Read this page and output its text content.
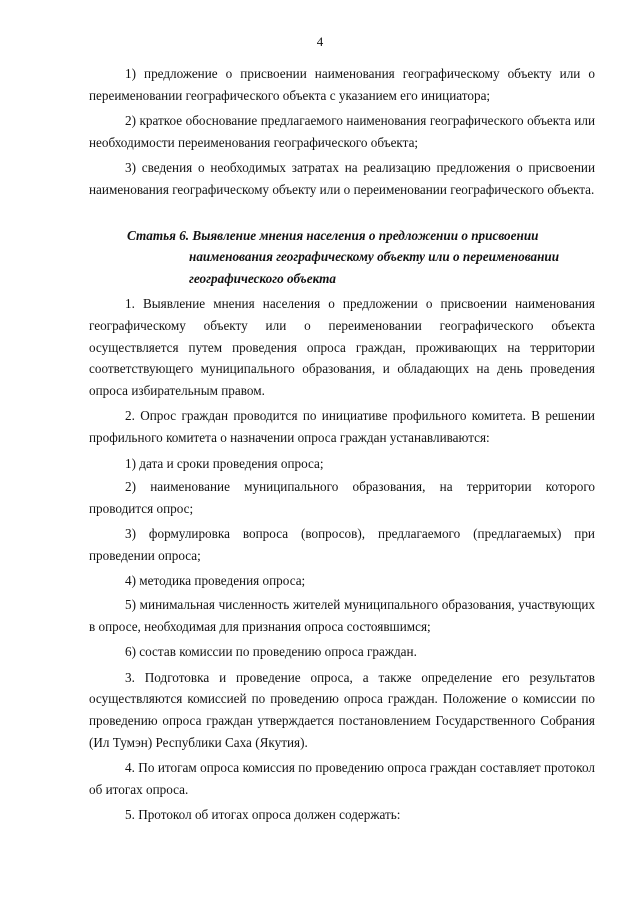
4

1) предложение о присвоении наименования географическому объекту или о переименовании географического объекта с указанием его инициатора;

2) краткое обоснование предлагаемого наименования географического объекта или необходимости переименования географического объекта;

3) сведения о необходимых затратах на реализацию предложения о присвоении наименования географическому объекту или о переименовании географического объекта.

Статья 6. Выявление мнения населения о предложении о присвоении наименования географическому объекту или о переименовании географического объекта

1. Выявление мнения населения о предложении о присвоении наименования географическому объекту или о переименовании географического объекта осуществляется путем проведения опроса граждан, проживающих на территории соответствующего муниципального образования, и обладающих на день проведения опроса избирательным правом.

2. Опрос граждан проводится по инициативе профильного комитета. В решении профильного комитета о назначении опроса граждан устанавливаются:

1) дата и сроки проведения опроса;

2) наименование муниципального образования, на территории которого проводится опрос;

3) формулировка вопроса (вопросов), предлагаемого (предлагаемых) при проведении опроса;

4) методика проведения опроса;

5) минимальная численность жителей муниципального образования, участвующих в опросе, необходимая для признания опроса состоявшимся;

6) состав комиссии по проведению опроса граждан.

3. Подготовка и проведение опроса, а также определение его результатов осуществляются комиссией по проведению опроса граждан. Положение о комиссии по проведению опроса граждан утверждается постановлением Государственного Собрания (Ил Тумэн) Республики Саха (Якутия).

4. По итогам опроса комиссия по проведению опроса граждан составляет протокол об итогах опроса.

5. Протокол об итогах опроса должен содержать:
